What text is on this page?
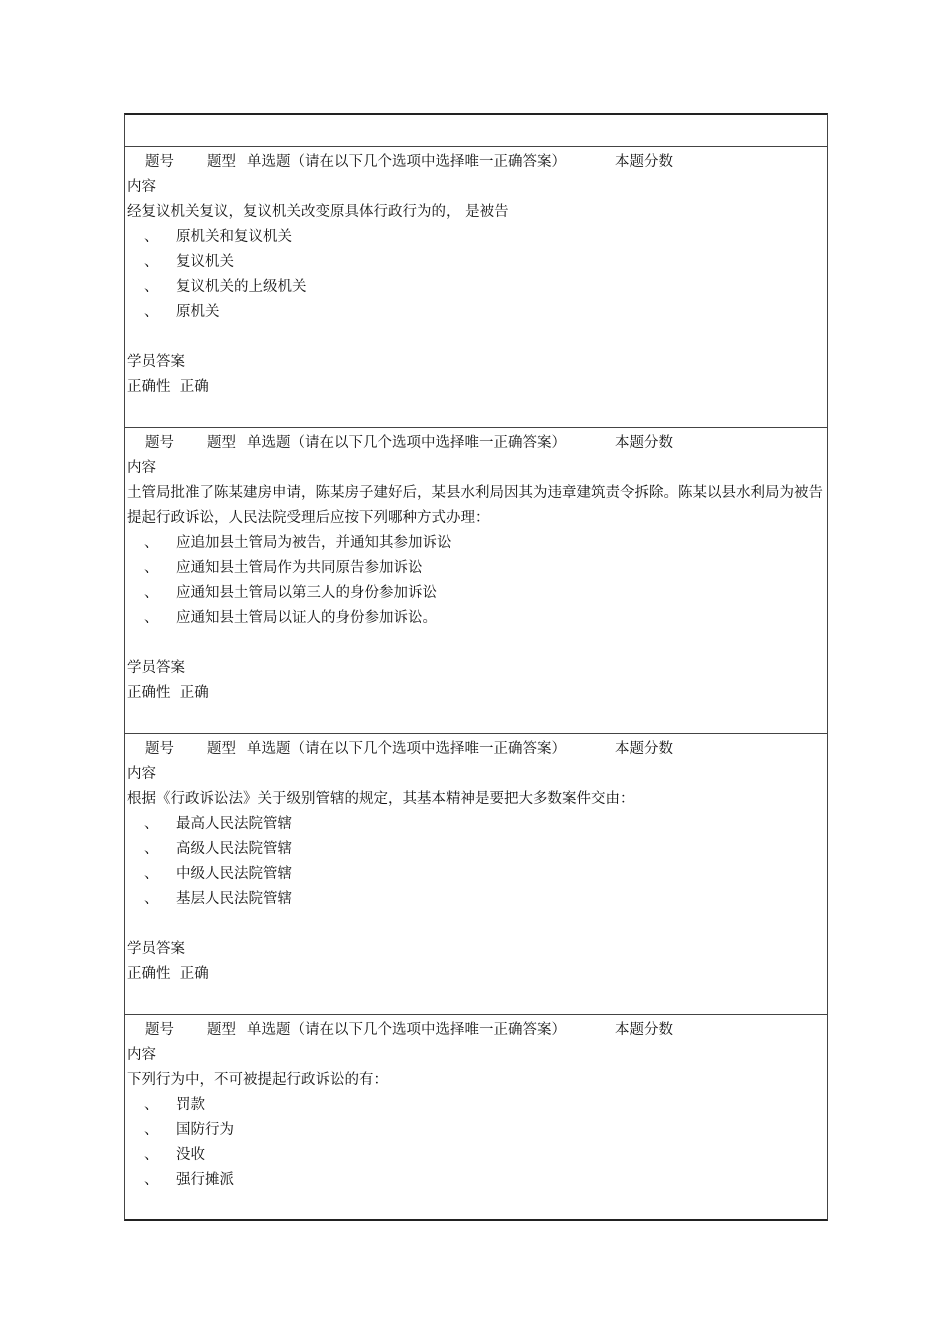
题号 题型 单选题（请在以下几个选项中选择唯一正确答案）	本题分数
内容
经复议机关复议，复议机关改变原具体行政行为的， 是被告
、 原机关和复议机关
、 复议机关
、 复议机关的上级机关
、 原机关
学员答案
正确性 正确
题号 题型 单选题（请在以下几个选项中选择唯一正确答案）	本题分数
内容
土管局批准了陈某建房申请，陈某房子建好后，某县水利局因其为违章建筑责令拆除。陈某以县水利局为被告提起行政诉讼，人民法院受理后应按下列哪种方式办理：
、 应追加县土管局为被告，并通知其参加诉讼
、 应通知县土管局作为共同原告参加诉讼
、 应通知县土管局以第三人的身份参加诉讼
、 应通知县土管局以证人的身份参加诉讼。
学员答案
正确性 正确
题号 题型 单选题（请在以下几个选项中选择唯一正确答案）	本题分数
内容
根据《行政诉讼法》关于级别管辖的规定，其基本精神是要把大多数案件交由：
、 最高人民法院管辖
、 高级人民法院管辖
、 中级人民法院管辖
、 基层人民法院管辖
学员答案
正确性 正确
题号 题型 单选题（请在以下几个选项中选择唯一正确答案）	本题分数
内容
下列行为中，不可被提起行政诉讼的有：
、 罚款
、 国防行为
、 没收
、 强行摊派
